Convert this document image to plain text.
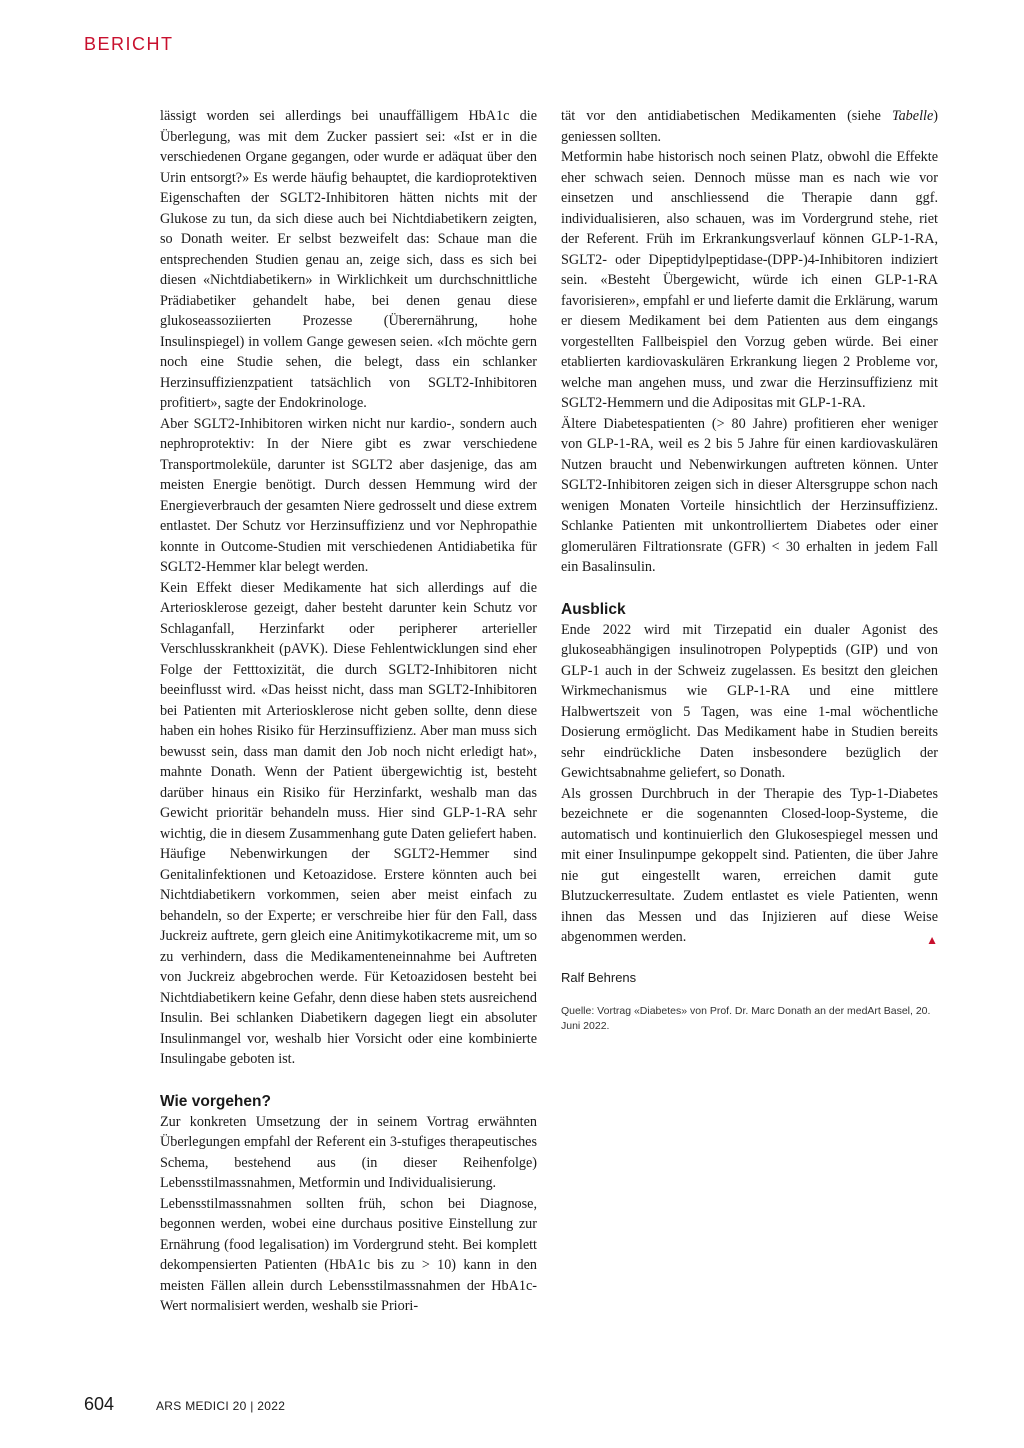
BERICHT

lässigt worden sei allerdings bei unauffälligem HbA1c die Überlegung, was mit dem Zucker passiert sei: «Ist er in die verschiedenen Organe gegangen, oder wurde er adäquat über den Urin entsorgt?» Es werde häufig behauptet, die kardioprotektiven Eigenschaften der SGLT2-Inhibitoren hätten nichts mit der Glukose zu tun, da sich diese auch bei Nichtdiabetikern zeigten, so Donath weiter. Er selbst bezweifelt das: Schaue man die entsprechenden Studien genau an, zeige sich, dass es sich bei diesen «Nichtdiabetikern» in Wirklichkeit um durchschnittliche Prädiabetiker gehandelt habe, bei denen genau diese glukoseassoziierten Prozesse (Überernährung, hohe Insulinspiegel) in vollem Gange gewesen seien. «Ich möchte gern noch eine Studie sehen, die belegt, dass ein schlanker Herzinsuffizienzpatient tatsächlich von SGLT2-Inhibitoren profitiert», sagte der Endokrinologe.

Aber SGLT2-Inhibitoren wirken nicht nur kardio-, sondern auch nephroprotektiv: In der Niere gibt es zwar verschiedene Transportmoleküle, darunter ist SGLT2 aber dasjenige, das am meisten Energie benötigt. Durch dessen Hemmung wird der Energieverbrauch der gesamten Niere gedrosselt und diese extrem entlastet. Der Schutz vor Herzinsuffizienz und vor Nephropathie konnte in Outcome-Studien mit verschiedenen Antidiabetika für SGLT2-Hemmer klar belegt werden.

Kein Effekt dieser Medikamente hat sich allerdings auf die Arteriosklerose gezeigt, daher besteht darunter kein Schutz vor Schlaganfall, Herzinfarkt oder peripherer arterieller Verschlusskrankheit (pAVK). Diese Fehlentwicklungen sind eher Folge der Fetttoxizität, die durch SGLT2-Inhibitoren nicht beeinflusst wird. «Das heisst nicht, dass man SGLT2-Inhibitoren bei Patienten mit Arteriosklerose nicht geben sollte, denn diese haben ein hohes Risiko für Herzinsuffizienz. Aber man muss sich bewusst sein, dass man damit den Job noch nicht erledigt hat», mahnte Donath. Wenn der Patient übergewichtig ist, besteht darüber hinaus ein Risiko für Herzinfarkt, weshalb man das Gewicht prioritär behandeln muss. Hier sind GLP-1-RA sehr wichtig, die in diesem Zusammenhang gute Daten geliefert haben.

Häufige Nebenwirkungen der SGLT2-Hemmer sind Genitalinfektionen und Ketoazidose. Erstere könnten auch bei Nichtdiabetikern vorkommen, seien aber meist einfach zu behandeln, so der Experte; er verschreibe hier für den Fall, dass Juckreiz auftrete, gern gleich eine Anitimykotikacreme mit, um so zu verhindern, dass die Medikamenteneinnahme bei Auftreten von Juckreiz abgebrochen werde. Für Ketoazidosen besteht bei Nichtdiabetikern keine Gefahr, denn diese haben stets ausreichend Insulin. Bei schlanken Diabetikern dagegen liegt ein absoluter Insulinmangel vor, weshalb hier Vorsicht oder eine kombinierte Insulingabe geboten ist.

Wie vorgehen?

Zur konkreten Umsetzung der in seinem Vortrag erwähnten Überlegungen empfahl der Referent ein 3-stufiges therapeutisches Schema, bestehend aus (in dieser Reihenfolge) Lebensstilmassnahmen, Metformin und Individualisierung.

Lebensstilmassnahmen sollten früh, schon bei Diagnose, begonnen werden, wobei eine durchaus positive Einstellung zur Ernährung (food legalisation) im Vordergrund steht. Bei komplett dekompensierten Patienten (HbA1c bis zu > 10) kann in den meisten Fällen allein durch Lebensstilmassnahmen der HbA1c-Wert normalisiert werden, weshalb sie Priori-

tät vor den antidiabetischen Medikamenten (siehe Tabelle) geniessen sollten.

Metformin habe historisch noch seinen Platz, obwohl die Effekte eher schwach seien. Dennoch müsse man es nach wie vor einsetzen und anschliessend die Therapie dann ggf. individualisieren, also schauen, was im Vordergrund stehe, riet der Referent. Früh im Erkrankungsverlauf können GLP-1-RA, SGLT2- oder Dipeptidylpeptidase-(DPP-)4-Inhibitoren indiziert sein. «Besteht Übergewicht, würde ich einen GLP-1-RA favorisieren», empfahl er und lieferte damit die Erklärung, warum er diesem Medikament bei dem Patienten aus dem eingangs vorgestellten Fallbeispiel den Vorzug geben würde. Bei einer etablierten kardiovaskulären Erkrankung liegen 2 Probleme vor, welche man angehen muss, und zwar die Herzinsuffizienz mit SGLT2-Hemmern und die Adipositas mit GLP-1-RA.

Ältere Diabetespatienten (> 80 Jahre) profitieren eher weniger von GLP-1-RA, weil es 2 bis 5 Jahre für einen kardiovaskulären Nutzen braucht und Nebenwirkungen auftreten können. Unter SGLT2-Inhibitoren zeigen sich in dieser Altersgruppe schon nach wenigen Monaten Vorteile hinsichtlich der Herzinsuffizienz. Schlanke Patienten mit unkontrolliertem Diabetes oder einer glomerulären Filtrationsrate (GFR) < 30 erhalten in jedem Fall ein Basalinsulin.

Ausblick

Ende 2022 wird mit Tirzepatid ein dualer Agonist des glukoseabhängigen insulinotropen Polypeptids (GIP) und von GLP-1 auch in der Schweiz zugelassen. Es besitzt den gleichen Wirkmechanismus wie GLP-1-RA und eine mittlere Halbwertszeit von 5 Tagen, was eine 1-mal wöchentliche Dosierung ermöglicht. Das Medikament habe in Studien bereits sehr eindrückliche Daten insbesondere bezüglich der Gewichtsabnahme geliefert, so Donath.

Als grossen Durchbruch in der Therapie des Typ-1-Diabetes bezeichnete er die sogenannten Closed-loop-Systeme, die automatisch und kontinuierlich den Glukosespiegel messen und mit einer Insulinpumpe gekoppelt sind. Patienten, die über Jahre nie gut eingestellt waren, erreichen damit gute Blutzuckerresultate. Zudem entlastet es viele Patienten, wenn ihnen das Messen und das Injizieren auf diese Weise abgenommen werden.	▲

Ralf Behrens
Quelle: Vortrag «Diabetes» von Prof. Dr. Marc Donath an der medArt Basel, 20. Juni 2022.
604	ARS MEDICI 20 | 2022
